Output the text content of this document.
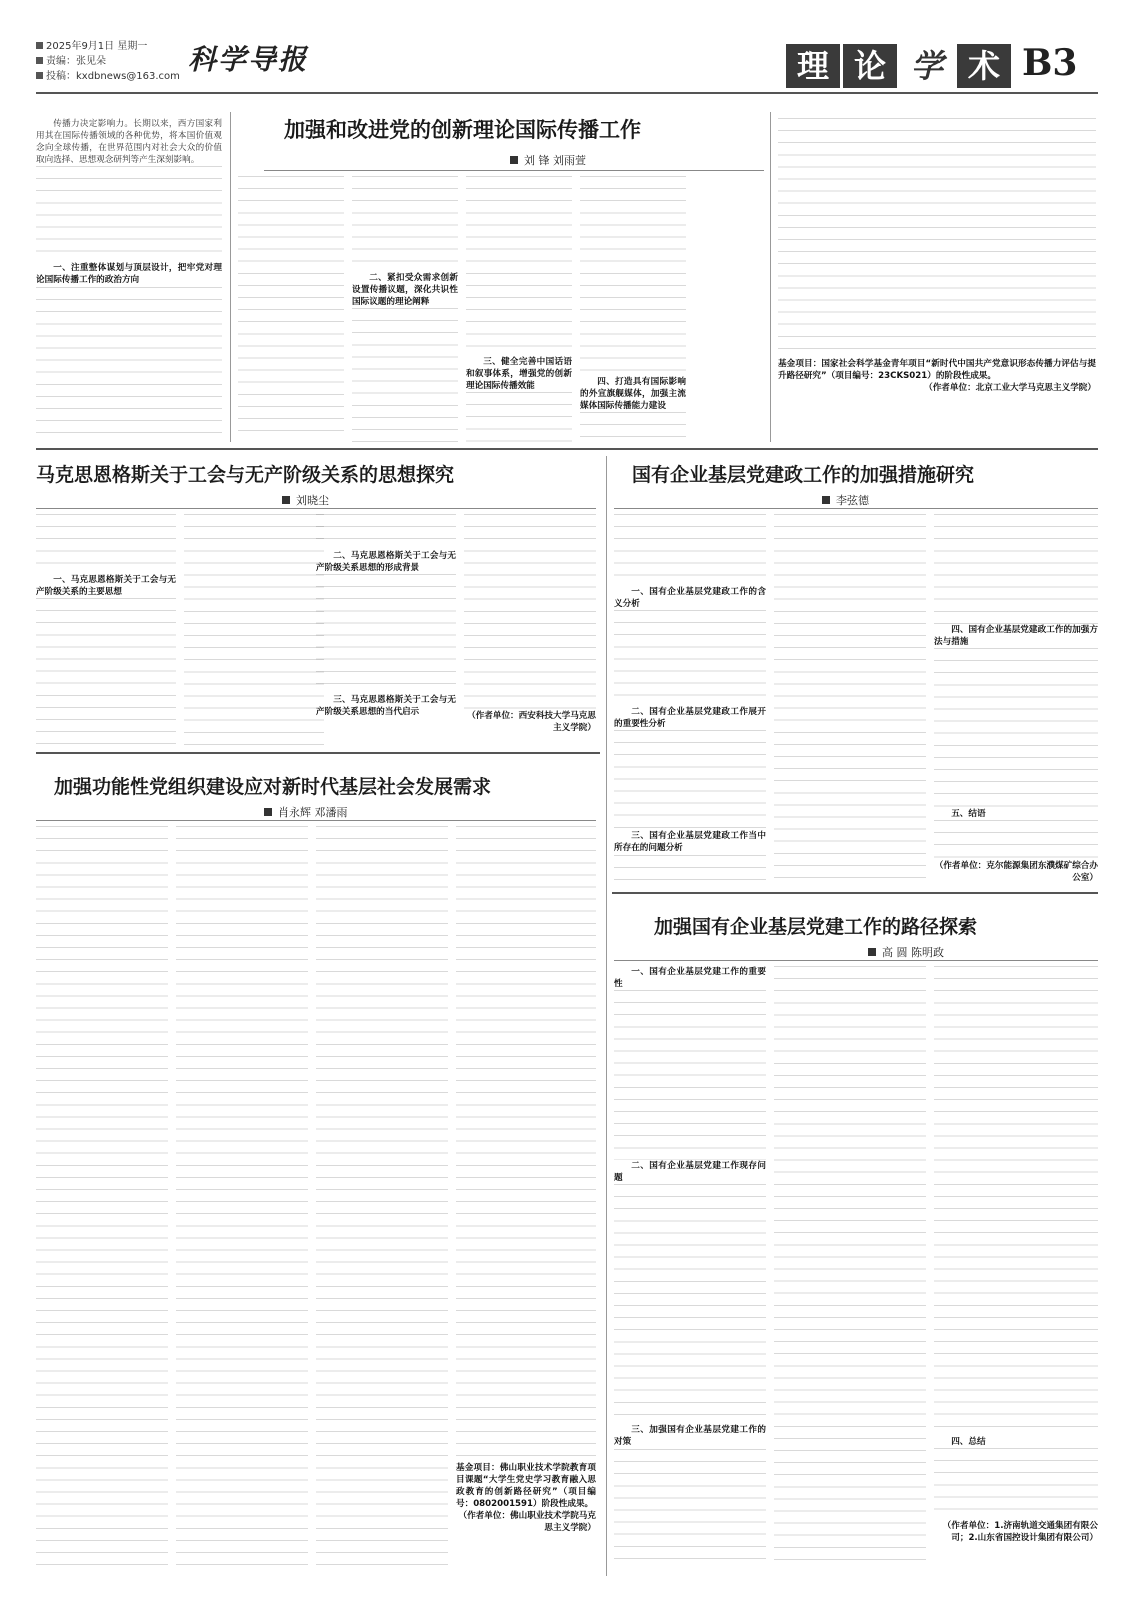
2025年9月1日 星期一
责编：张见朵
投稿：kxdbnews@163.com
科学导报	理 论 学 术 B3
加强和改进党的创新理论国际传播工作
刘 锋 刘雨萱

传播力决定影响力。长期以来，西方国家利用其在国际传播领域的各种优势，将本国价值观念向全球传播，在世界范围内对社会大众的价值取向选择、思想观念研判等产生深刻影响。

一、注重整体谋划与顶层设计，把牢党对理论国际传播工作的政治方向	二、紧扣受众需求创新设置传播议题，深化共识性国际议题的理论阐释
三、健全完善中国话语和叙事体系，增强党的创新理论国际传播效能	四、打造具有国际影响的外宣旗舰媒体，加强主流媒体国际传播能力建设
基金项目：国家社会科学基金青年项目“新时代中国共产党意识形态传播力评估与提升路径研究”（项目编号：23CKS021）的阶段性成果。
（作者单位：北京工业大学马克思主义学院）
马克思恩格斯关于工会与无产阶级关系的思想探究
刘晓尘
一、马克思恩格斯关于工会与无产阶级关系的主要思想
二、马克思恩格斯关于工会与无产阶级关系思想的形成背景
三、马克思恩格斯关于工会与无产阶级关系思想的当代启示	（作者单位：西安科技大学马克思主义学院）
国有企业基层党建政工作的加强措施研究
李弦德
一、国有企业基层党建政工作的含义分析
二、国有企业基层党建政工作展开的重要性分析
三、国有企业基层党建政工作当中所存在的问题分析
四、国有企业基层党建政工作的加强方法与措施
五、结语
（作者单位：克尔能源集团东濮煤矿综合办公室）
加强功能性党组织建设应对新时代基层社会发展需求
肖永辉 邓潘雨
基金项目：佛山职业技术学院教育项目课题“大学生党史学习教育融入思政教育的创新路径研究”（项目编号：0802001591）阶段性成果。
（作者单位：佛山职业技术学院马克思主义学院）
加强国有企业基层党建工作的路径探索
高 圆 陈明政
一、国有企业基层党建工作的重要性
二、国有企业基层党建工作现存问题
三、加强国有企业基层党建工作的对策	四、总结
（作者单位：1.济南轨道交通集团有限公司；2.山东省国控设计集团有限公司）
